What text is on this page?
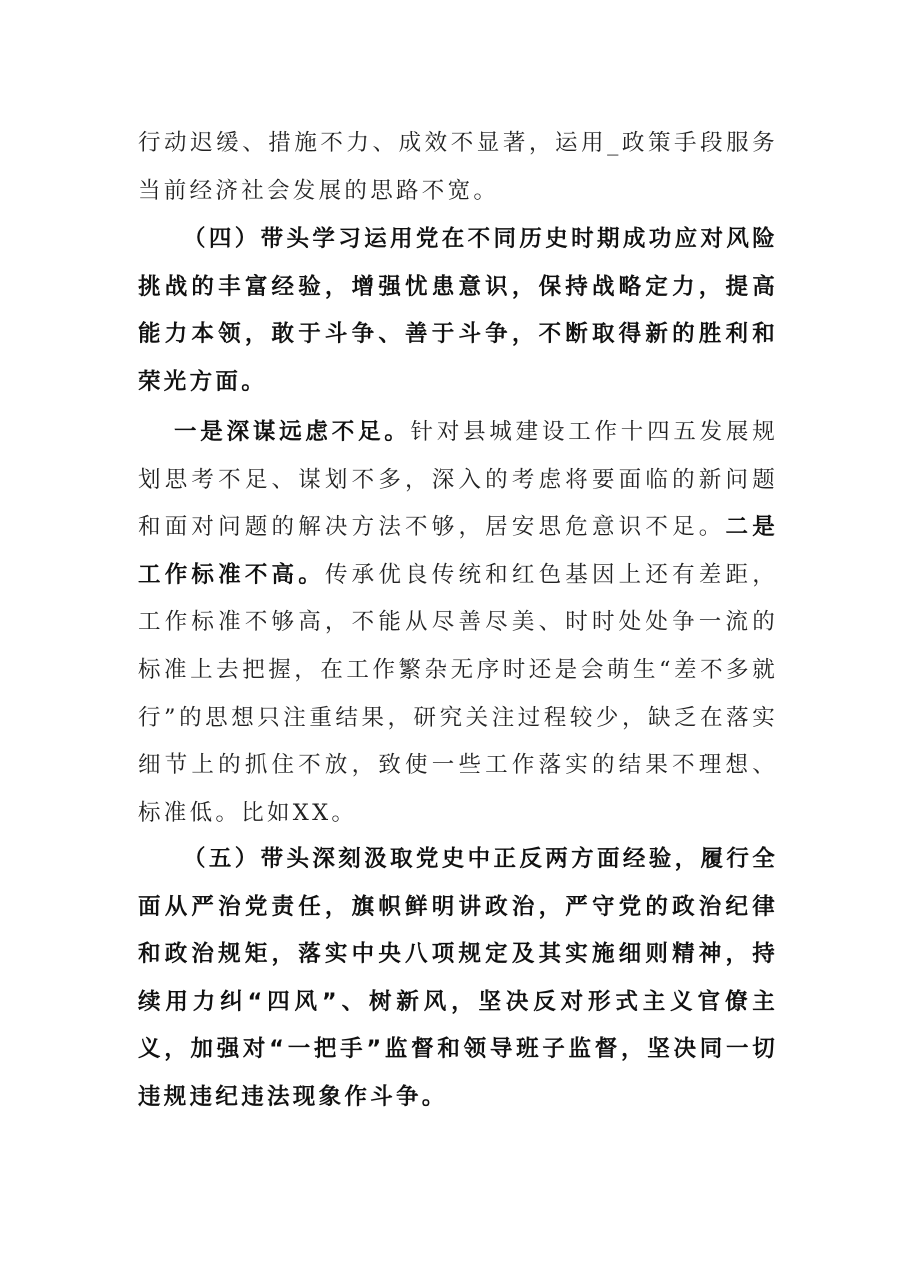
行动迟缓、措施不力、成效不显著，运用_政策手段服务当前经济社会发展的思路不宽。

（四）带头学习运用党在不同历史时期成功应对风险挑战的丰富经验，增强忧患意识，保持战略定力，提高能力本领，敢于斗争、善于斗争，不断取得新的胜利和荣光方面。

一是深谋远虑不足。针对县城建设工作十四五发展规划思考不足、谋划不多，深入的考虑将要面临的新问题和面对问题的解决方法不够，居安思危意识不足。二是工作标准不高。传承优良传统和红色基因上还有差距，工作标准不够高，不能从尽善尽美、时时处处争一流的标准上去把握，在工作繁杂无序时还是会萌生“差不多就行”的思想只注重结果，研究关注过程较少，缺乏在落实细节上的抓住不放，致使一些工作落实的结果不理想、标准低。比如XX。

（五）带头深刻汲取党史中正反两方面经验，履行全面从严治党责任，旗帜鲜明讲政治，严守党的政治纪律和政治规矩，落实中央八项规定及其实施细则精神，持续用力纠“四风”、树新风，坚决反对形式主义官僚主义，加强对“一把手”监督和领导班子监督，坚决同一切违规违纪违法现象作斗争。
